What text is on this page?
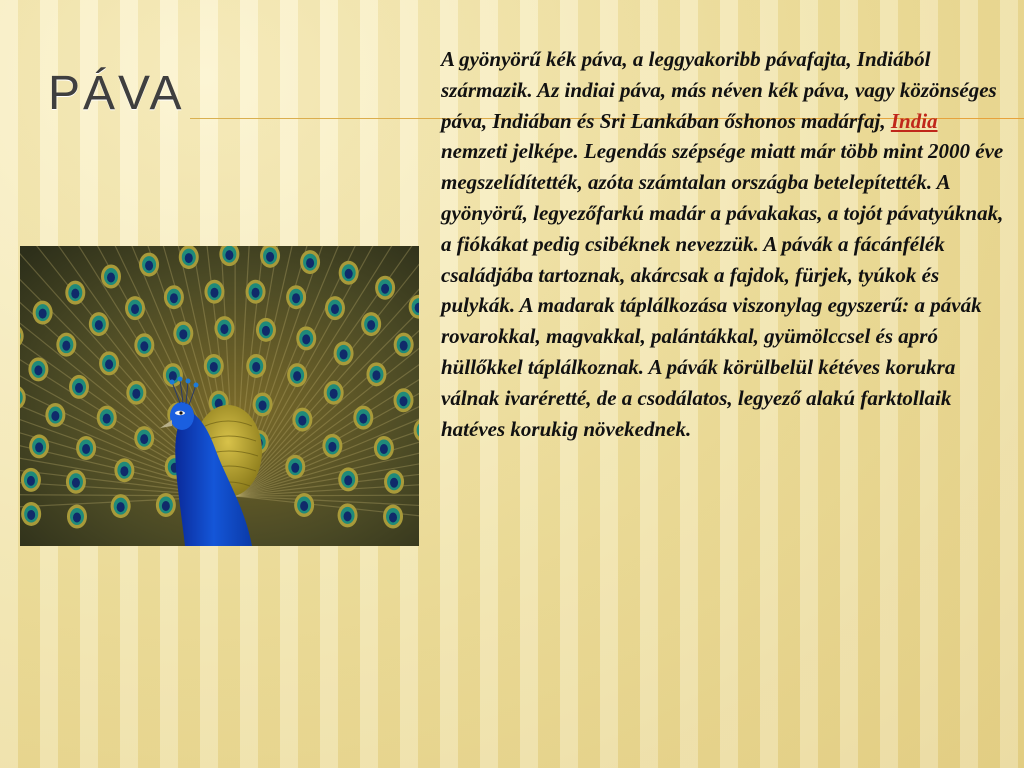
PÁVA

A gyönyörű kék páva, a leggyakoribb pávafajta, Indiából származik. Az indiai páva, más néven kék páva, vagy közönséges páva, Indiában és Sri Lankában őshonos madárfaj, India nemzeti jelképe. Legendás szépsége miatt már több mint 2000 éve megszelídítették, azóta számtalan országba betelepítették. A gyönyörű, legyezőfarkú madár a pávakakas, a tojót pávatyúknak, a fiókákat pedig csibéknek nevezzük. A pávák a fácánfélék családjába tartoznak, akárcsak a fajdok, fürjek, tyúkok és pulykák. A madarak táplálkozása viszonylag egyszerű: a pávák rovarokkal, magvakkal, palántákkal, gyümölccsel és apró hüllőkkel táplálkoznak. A pávák körülbelül kétéves korukra válnak ivaréretté, de a csodálatos, legyező alakú farktollaik hatéves korukig növekednek.
